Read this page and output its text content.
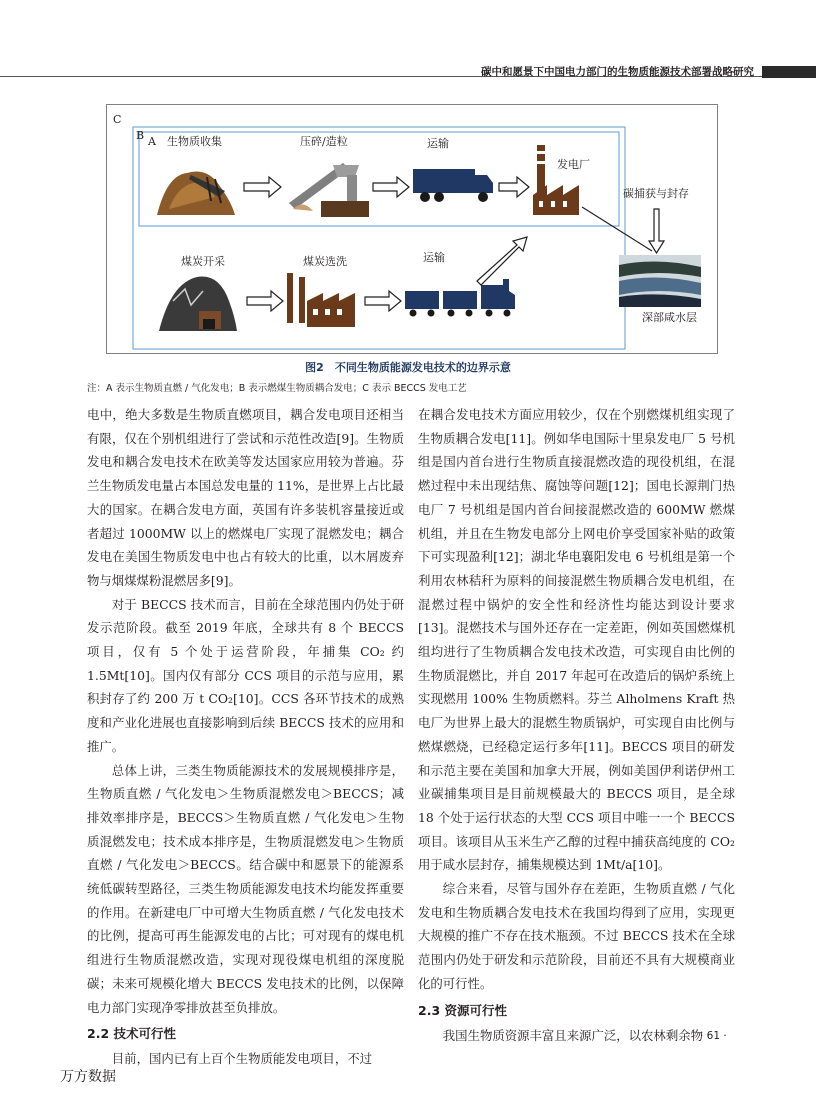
碳中和愿景下中国电力部门的生物质能源技术部署战略研究
C
B A 生物质收集	压碎/造粒	运输
发电厂
碳捕获与封存
深部咸水层
煤炭开采	煤炭选洗	运输
图2　不同生物质能源发电技术的边界示意
注：A 表示生物质直燃 / 气化发电；B 表示燃煤生物质耦合发电；C 表示 BECCS 发电工艺

电中，绝大多数是生物质直燃项目，耦合发电项目还相当有限，仅在个别机组进行了尝试和示范性改造[9]。生物质发电和耦合发电技术在欧美等发达国家应用较为普遍。芬兰生物质发电量占本国总发电量的 11%，是世界上占比最大的国家。在耦合发电方面，英国有许多装机容量接近或者超过 1000MW 以上的燃煤电厂实现了混燃发电；耦合发电在美国生物质发电中也占有较大的比重，以木屑废弃物与烟煤煤粉混燃居多[9]。

对于 BECCS 技术而言，目前在全球范围内仍处于研发示范阶段。截至 2019 年底，全球共有 8 个 BECCS 项目，仅有 5 个处于运营阶段，年捕集 CO₂ 约 1.5Mt[10]。国内仅有部分 CCS 项目的示范与应用，累积封存了约 200 万 t CO₂[10]。CCS 各环节技术的成熟度和产业化进展也直接影响到后续 BECCS 技术的应用和推广。

总体上讲，三类生物质能源技术的发展规模排序是，生物质直燃 / 气化发电＞生物质混燃发电＞BECCS；减排效率排序是，BECCS＞生物质直燃 / 气化发电＞生物质混燃发电；技术成本排序是，生物质混燃发电＞生物质直燃 / 气化发电＞BECCS。结合碳中和愿景下的能源系统低碳转型路径，三类生物质能源发电技术均能发挥重要的作用。在新建电厂中可增大生物质直燃 / 气化发电技术的比例，提高可再生能源发电的占比；可对现有的煤电机组进行生物质混燃改造，实现对现役煤电机组的深度脱碳；未来可规模化增大 BECCS 发电技术的比例，以保障电力部门实现净零排放甚至负排放。

2.2 技术可行性

目前，国内已有上百个生物质能发电项目，不过

在耦合发电技术方面应用较少，仅在个别燃煤机组实现了生物质耦合发电[11]。例如华电国际十里泉发电厂 5 号机组是国内首台进行生物质直接混燃改造的现役机组，在混燃过程中未出现结焦、腐蚀等问题[12]；国电长源荆门热电厂 7 号机组是国内首台间接混燃改造的 600MW 燃煤机组，并且在生物发电部分上网电价享受国家补贴的政策下可实现盈利[12]；湖北华电襄阳发电 6 号机组是第一个利用农林秸秆为原料的间接混燃生物质耦合发电机组，在混燃过程中锅炉的安全性和经济性均能达到设计要求[13]。混燃技术与国外还存在一定差距，例如英国燃煤机组均进行了生物质耦合发电技术改造，可实现自由比例的生物质混燃比，并自 2017 年起可在改造后的锅炉系统上实现燃用 100% 生物质燃料。芬兰 Alholmens Kraft 热电厂为世界上最大的混燃生物质锅炉，可实现自由比例与燃煤燃烧，已经稳定运行多年[11]。BECCS 项目的研发和示范主要在美国和加拿大开展，例如美国伊利诺伊州工业碳捕集项目是目前规模最大的 BECCS 项目，是全球 18 个处于运行状态的大型 CCS 项目中唯一一个 BECCS 项目。该项目从玉米生产乙醇的过程中捕获高纯度的 CO₂ 用于咸水层封存，捕集规模达到 1Mt/a[10]。

综合来看，尽管与国外存在差距，生物质直燃 / 气化发电和生物质耦合发电技术在我国均得到了应用，实现更大规模的推广不存在技术瓶颈。不过 BECCS 技术在全球范围内仍处于研发和示范阶段，目前还不具有大规模商业化的可行性。

2.3 资源可行性

我国生物质资源丰富且来源广泛，以农林剩余物

· 61 ·
万方数据
